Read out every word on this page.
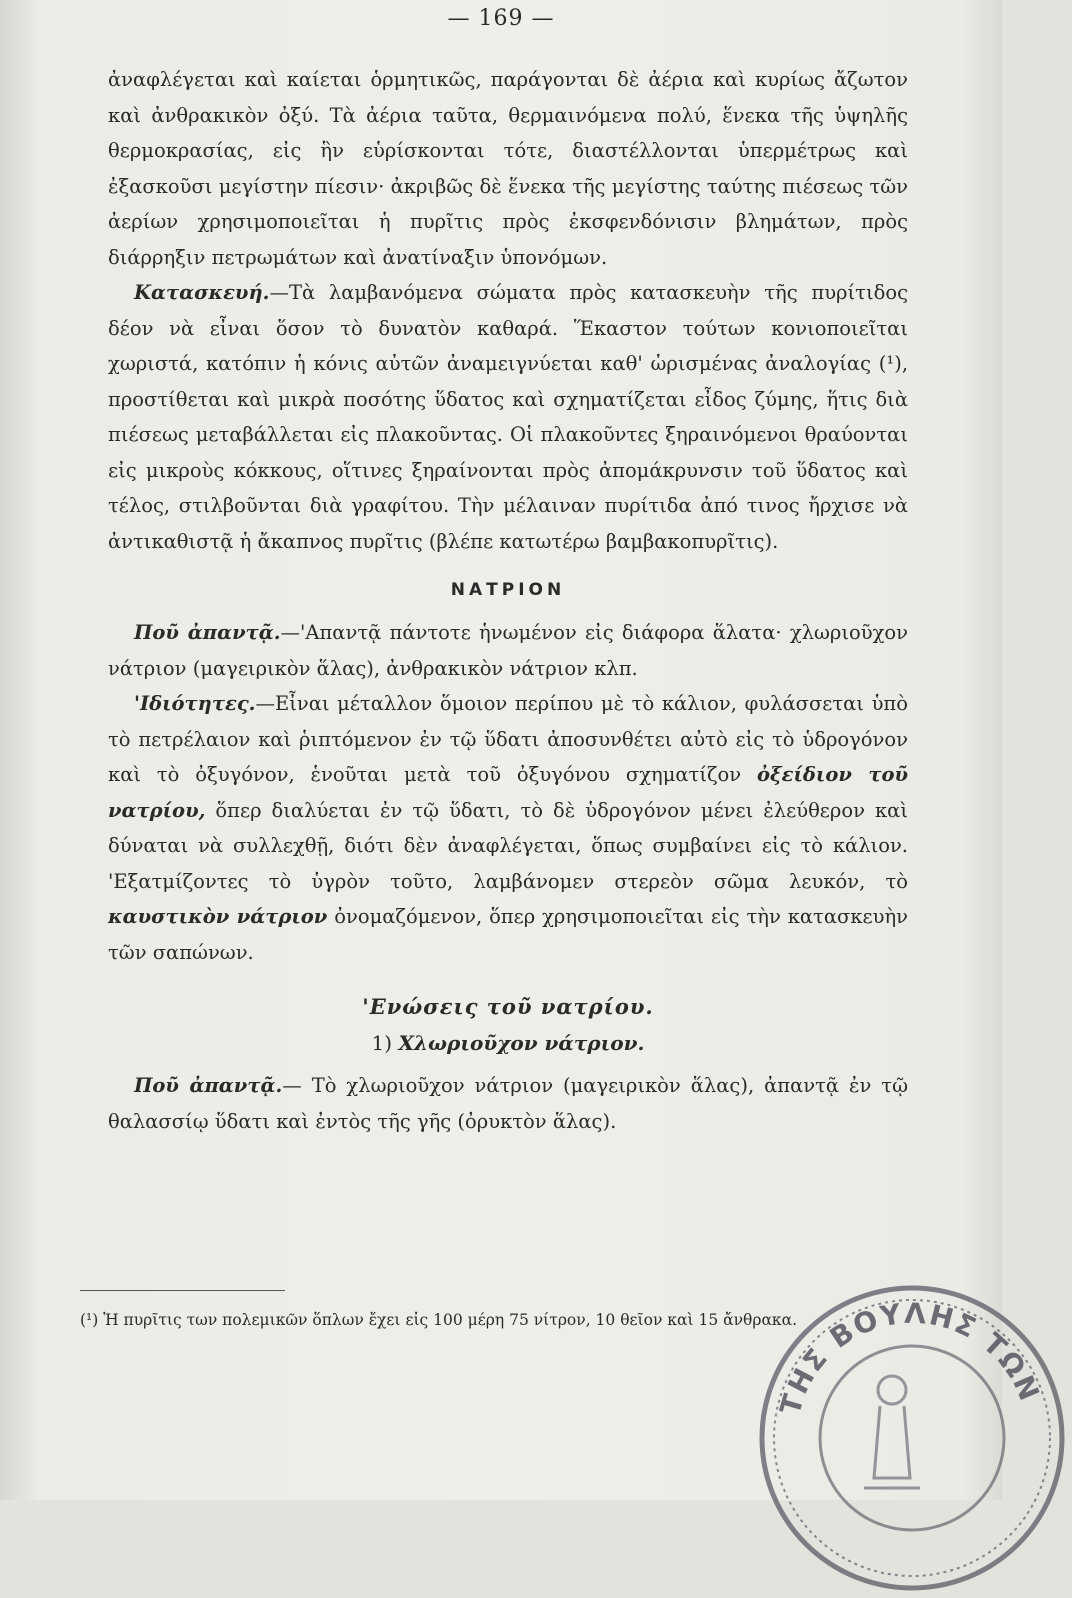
— 169 —

ἀναφλέγεται καὶ καίεται ὁρμητικῶς, παράγονται δὲ ἀέρια καὶ κυρίως ἄζωτον καὶ ἀνθρακικὸν ὀξύ. Τὰ ἀέρια ταῦτα, θερμαινόμενα πολύ, ἕνεκα τῆς ὑψηλῆς θερμοκρασίας, εἰς ἣν εὑρίσκονται τότε, διαστέλλονται ὑπερμέτρως καὶ ἐξασκοῦσι μεγίστην πίεσιν· ἀκριβῶς δὲ ἕνεκα τῆς μεγίστης ταύτης πιέσεως τῶν ἀερίων χρησιμοποιεῖται ἡ πυρῖτις πρὸς ἐκσφενδόνισιν βλημάτων, πρὸς διάρρηξιν πετρωμάτων καὶ ἀνατίναξιν ὑπονόμων.

Κατασκευή.—Τὰ λαμβανόμενα σώματα πρὸς κατασκευὴν τῆς πυρίτιδος δέον νὰ εἶναι ὅσον τὸ δυνατὸν καθαρά. Ἕκαστον τούτων κονιοποιεῖται χωριστά, κατόπιν ἡ κόνις αὐτῶν ἀναμειγνύεται καθ' ὡρισμένας ἀναλογίας (¹), προστίθεται καὶ μικρὰ ποσότης ὕδατος καὶ σχηματίζεται εἶδος ζύμης, ἥτις διὰ πιέσεως μεταβάλλεται εἰς πλακοῦντας. Οἱ πλακοῦντες ξηραινόμενοι θραύονται εἰς μικροὺς κόκκους, οἵτινες ξηραίνονται πρὸς ἀπομάκρυνσιν τοῦ ὕδατος καὶ τέλος, στιλβοῦνται διὰ γραφίτου. Τὴν μέλαιναν πυρίτιδα ἀπό τινος ἤρχισε νὰ ἀντικαθιστᾷ ἡ ἄκαπνος πυρῖτις (βλέπε κατωτέρω βαμβακοπυρῖτις).

ΝΑΤΡΙΟΝ

Ποῦ ἀπαντᾷ.—'Απαντᾷ πάντοτε ἡνωμένον εἰς διάφορα ἅλατα· χλωριοῦχον νάτριον (μαγειρικὸν ἅλας), ἀνθρακικὸν νάτριον κλπ.

'Ιδιότητες.—Εἶναι μέταλλον ὅμοιον περίπου μὲ τὸ κάλιον, φυλάσσεται ὑπὸ τὸ πετρέλαιον καὶ ῥιπτόμενον ἐν τῷ ὕδατι ἀποσυνθέτει αὐτὸ εἰς τὸ ὑδρογόνον καὶ τὸ ὀξυγόνον, ἑνοῦται μετὰ τοῦ ὀξυγόνου σχηματίζον ὀξείδιον τοῦ νατρίου, ὅπερ διαλύεται ἐν τῷ ὕδατι, τὸ δὲ ὑδρογόνον μένει ἐλεύθερον καὶ δύναται νὰ συλλεχθῇ, διότι δὲν ἀναφλέγεται, ὅπως συμβαίνει εἰς τὸ κάλιον. 'Εξατμίζοντες τὸ ὑγρὸν τοῦτο, λαμβάνομεν στερεὸν σῶμα λευκόν, τὸ καυστικὸν νάτριον ὀνομαζόμενον, ὅπερ χρησιμοποιεῖται εἰς τὴν κατασκευὴν τῶν σαπώνων.

'Ενώσεις τοῦ νατρίου.
1) Χλωριοῦχον νάτριον.

Ποῦ ἀπαντᾷ.— Τὸ χλωριοῦχον νάτριον (μαγειρικὸν ἅλας), ἀπαντᾷ ἐν τῷ θαλασσίῳ ὕδατι καὶ ἐντὸς τῆς γῆς (ὀρυκτὸν ἅλας).

(¹) Ἡ πυρῖτις των πολεμικῶν ὅπλων ἔχει εἰς 100 μέρη 75 νίτρον, 10 θεῖον καὶ 15 ἄνθρακα.

ΤΗΣ ΒΟΥΛΗΣ ΤΩΝ
